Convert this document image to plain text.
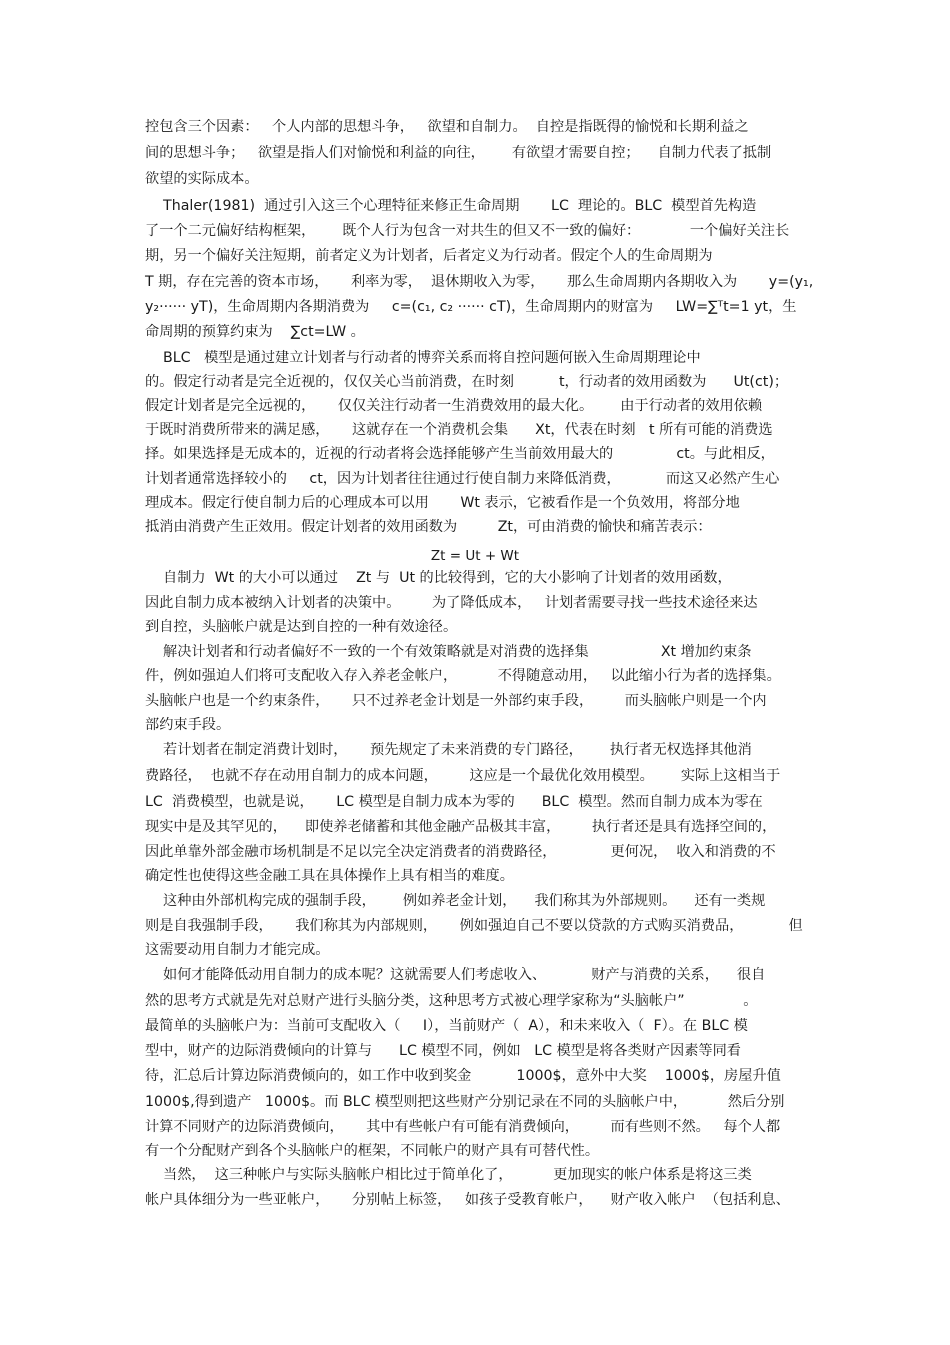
控包含三个因素：   个人内部的思想斗争，   欲望和自制力。  自控是指既得的愉悦和长期利益之
间的思想斗争；   欲望是指人们对愉悦和利益的向往，      有欲望才需要自控；    自制力代表了抵制
欲望的实际成本。
Thaler(1981)  通过引入这三个心理特征来修正生命周期       LC  理论的。BLC  模型首先构造
了一个二元偏好结构框架，      既个人行为包含一对共生的但又不一致的偏好：           一个偏好关注长
期，另一个偏好关注短期，前者定义为计划者，后者定义为行动者。假定个人的生命周期为
T 期，存在完善的资本市场，     利率为零，  退休期收入为零，     那么生命周期内各期收入为       y=(y₁,
y₂······ yT)，生命周期内各期消费为     c=(c₁, c₂ ······ cT)，生命周期内的财富为     LW=∑ᵀt=1 yt，生
命周期的预算约束为    ∑ct=LW 。
BLC   模型是通过建立计划者与行动者的博弈关系而将自控问题何嵌入生命周期理论中
的。假定行动者是完全近视的，仅仅关心当前消费，在时刻          t，行动者的效用函数为      Ut(ct)；
假定计划者是完全远视的，     仅仅关注行动者一生消费效用的最大化。      由于行动者的效用依赖
于既时消费所带来的满足感，     这就存在一个消费机会集      Xt，代表在时刻   t 所有可能的消费选
择。如果选择是无成本的，近视的行动者将会选择能够产生当前效用最大的              ct。与此相反，
计划者通常选择较小的     ct，因为计划者往往通过行使自制力来降低消费，          而这又必然产生心
理成本。假定行使自制力后的心理成本可以用       Wt 表示，它被看作是一个负效用，将部分地
抵消由消费产生正效用。假定计划者的效用函数为         Zt，可由消费的愉快和痛苦表示：
Zt = Ut + Wt
自制力  Wt 的大小可以通过    Zt 与  Ut 的比较得到，它的大小影响了计划者的效用函数，
因此自制力成本被纳入计划者的决策中。       为了降低成本，   计划者需要寻找一些技术途径来达
到自控，头脑帐户就是达到自控的一种有效途径。
解决计划者和行动者偏好不一致的一个有效策略就是对消费的选择集                Xt 增加约束条
件，例如强迫人们将可支配收入存入养老金帐户，         不得随意动用，   以此缩小行为者的选择集。
头脑帐户也是一个约束条件，     只不过养老金计划是一外部约束手段，       而头脑帐户则是一个内
部约束手段。
若计划者在制定消费计划时，     预先规定了未来消费的专门路径，      执行者无权选择其他消
费路径，  也就不存在动用自制力的成本问题，       这应是一个最优化效用模型。      实际上这相当于
LC  消费模型，也就是说，     LC 模型是自制力成本为零的      BLC  模型。然而自制力成本为零在
现实中是及其罕见的，    即使养老储蓄和其他金融产品极其丰富，       执行者还是具有选择空间的，
因此单靠外部金融市场机制是不足以完全决定消费者的消费路径，            更何况，  收入和消费的不
确定性也使得这些金融工具在具体操作上具有相当的难度。
这种由外部机构完成的强制手段，      例如养老金计划，    我们称其为外部规则。    还有一类规
则是自我强制手段，     我们称其为内部规则，     例如强迫自己不要以贷款的方式购买消费品，          但
这需要动用自制力才能完成。
如何才能降低动用自制力的成本呢？这就需要人们考虑收入、          财产与消费的关系，    很自
然的思考方式就是先对总财产进行头脑分类，这种思考方式被心理学家称为“头脑帐户”             。
最简单的头脑帐户为：当前可支配收入（     I），当前财产（  A），和未来收入（  F）。在 BLC 模
型中，财产的边际消费倾向的计算与      LC 模型不同，例如   LC 模型是将各类财产因素等同看
待，汇总后计算边际消费倾向的，如工作中收到奖金          1000$，意外中大奖    1000$，房屋升值
1000$,得到遗产   1000$。而 BLC 模型则把这些财产分别记录在不同的头脑帐户中，         然后分别
计算不同财产的边际消费倾向，     其中有些帐户有可能有消费倾向，       而有些则不然。   每个人都
有一个分配财产到各个头脑帐户的框架，不同帐户的财产具有可替代性。
当然，  这三种帐户与实际头脑帐户相比过于简单化了，         更加现实的帐户体系是将这三类
帐户具体细分为一些亚帐户，     分别帖上标签，   如孩子受教育帐户，    财产收入帐户  （包括利息、
